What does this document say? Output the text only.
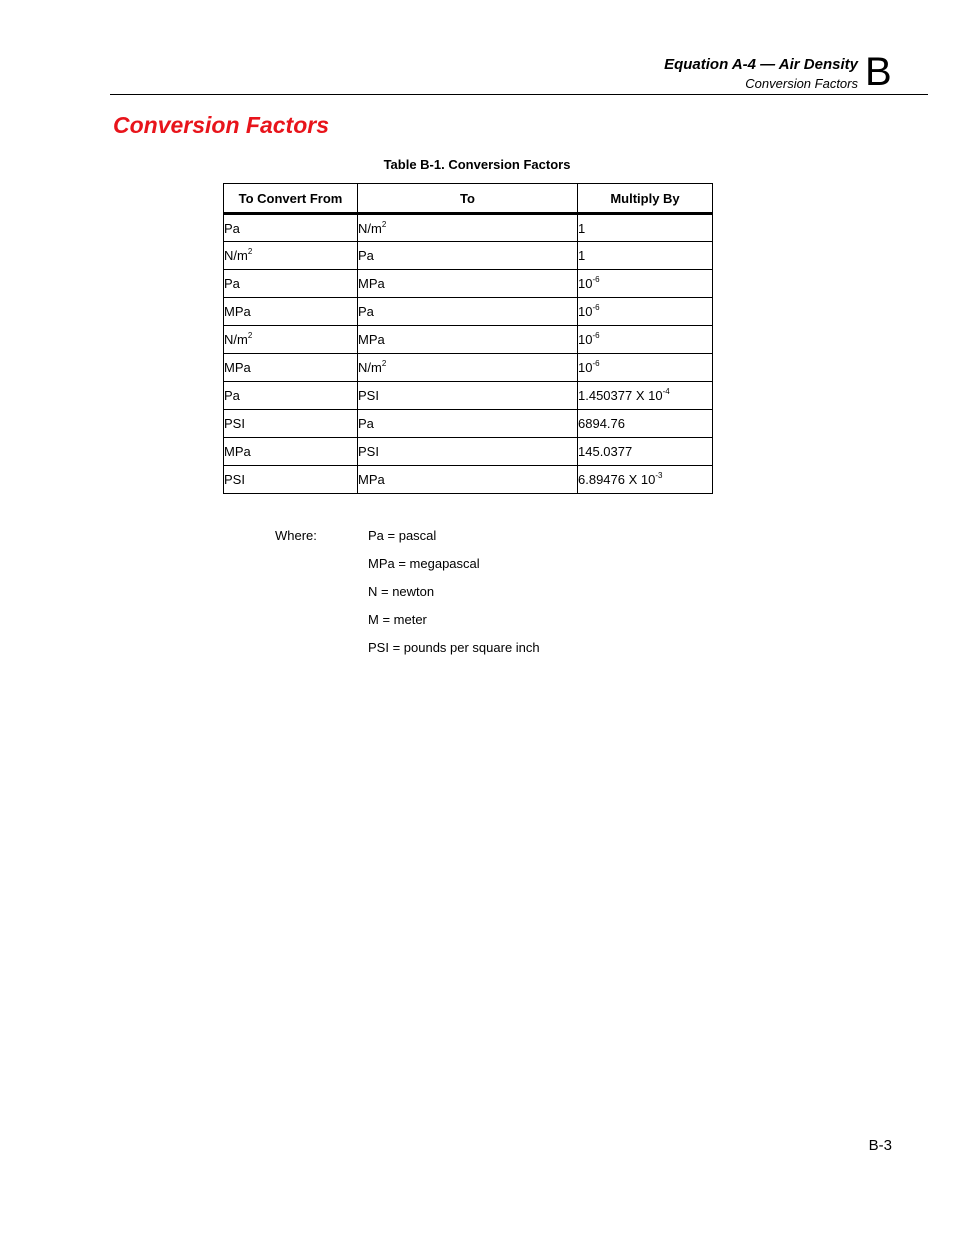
Equation A-4 — Air Density
Conversion Factors B
Conversion Factors
Table B-1. Conversion Factors
To Convert From	To	Multiply By
Pa	$N/m^2$	1
$N/m^2$	Pa	1
Pa	MPa	$10^{-6}$
MPa	Pa	$10^{-6}$
$N/m^2$	MPa	$10^{-6}$
MPa	$N/m^2$	$10^{-6}$
Pa	PSI	1.450377 X $10^{-4}$
PSI	Pa	6894.76
MPa	PSI	145.0377
PSI	MPa	6.89476 X $10^{-3}$
Where:	Pa = pascal
MPa = megapascal
N = newton
M = meter
PSI = pounds per square inch
B-3
